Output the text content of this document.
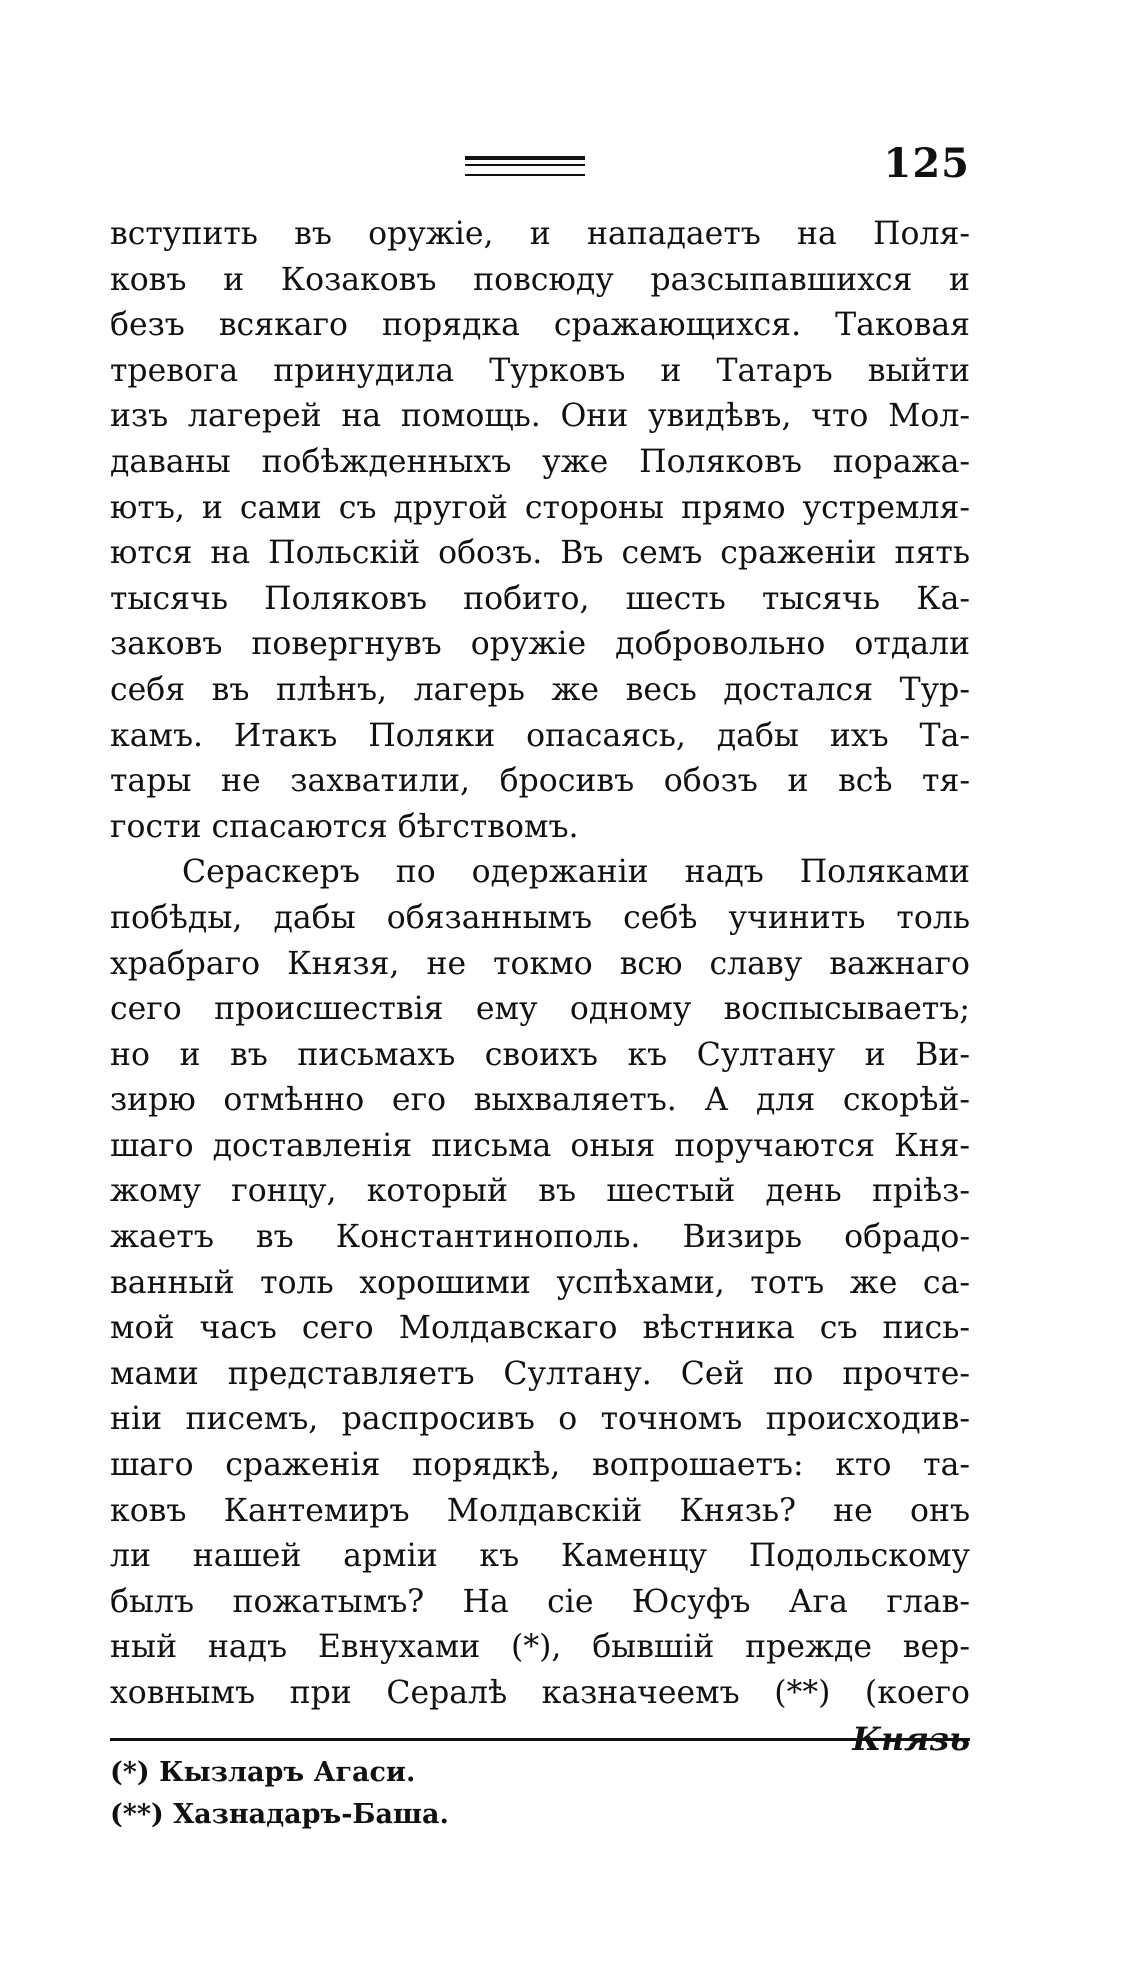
125
вступить въ оружіе, и нападаетъ на Поля-
ковъ и Козаковъ повсюду разсыпавшихся и
безъ всякаго порядка сражающихся. Таковая
тревога принудила Турковъ и Татаръ выйти
изъ лагерей на помощь. Они увидѣвъ, что Мол-
даваны побѣжденныхъ уже Поляковъ поража-
ютъ, и сами съ другой стороны прямо устремля-
ются на Польскій обозъ. Въ семъ сраженіи пять
тысячь Поляковъ побито, шесть тысячь Ка-
заковъ повергнувъ оружіе добровольно отдали
себя въ плѣнъ, лагерь же весь достался Тур-
камъ. Итакъ Поляки опасаясь, дабы ихъ Та-
тары не захватили, бросивъ обозъ и всѣ тя-
гости спасаются бѣгствомъ.
Сераскеръ по одержаніи надъ Поляками
побѣды, дабы обязаннымъ себѣ учинить толь
храбраго Князя, не токмо всю славу важнаго
сего происшествія ему одному воспысываетъ;
но и въ письмахъ своихъ къ Султану и Ви-
зирю отмѣнно его выхваляетъ. А для скорѣй-
шаго доставленія письма оныя поручаются Кня-
жому гонцу, который въ шестый день пріѣз-
жаетъ въ Константинополь. Визирь обрадо-
ванный толь хорошими успѣхами, тотъ же са-
мой часъ сего Молдавскаго вѣстника съ пись-
мами представляетъ Султану. Сей по прочте-
ніи писемъ, распросивъ о точномъ происходив-
шаго сраженія порядкѣ, вопрошаетъ: кто та-
ковъ Кантемиръ Молдавскій Князь? не онъ
ли нашей арміи къ Каменцу Подольскому
былъ пожатымъ? На сіе Юсуфъ Ага глав-
ный надъ Евнухами (*), бывшій прежде вер-
ховнымъ при Сералѣ казначеемъ (**) (коего
Князь
(*) Кызларъ Агаси.
(**) Хазнадаръ-Баша.
